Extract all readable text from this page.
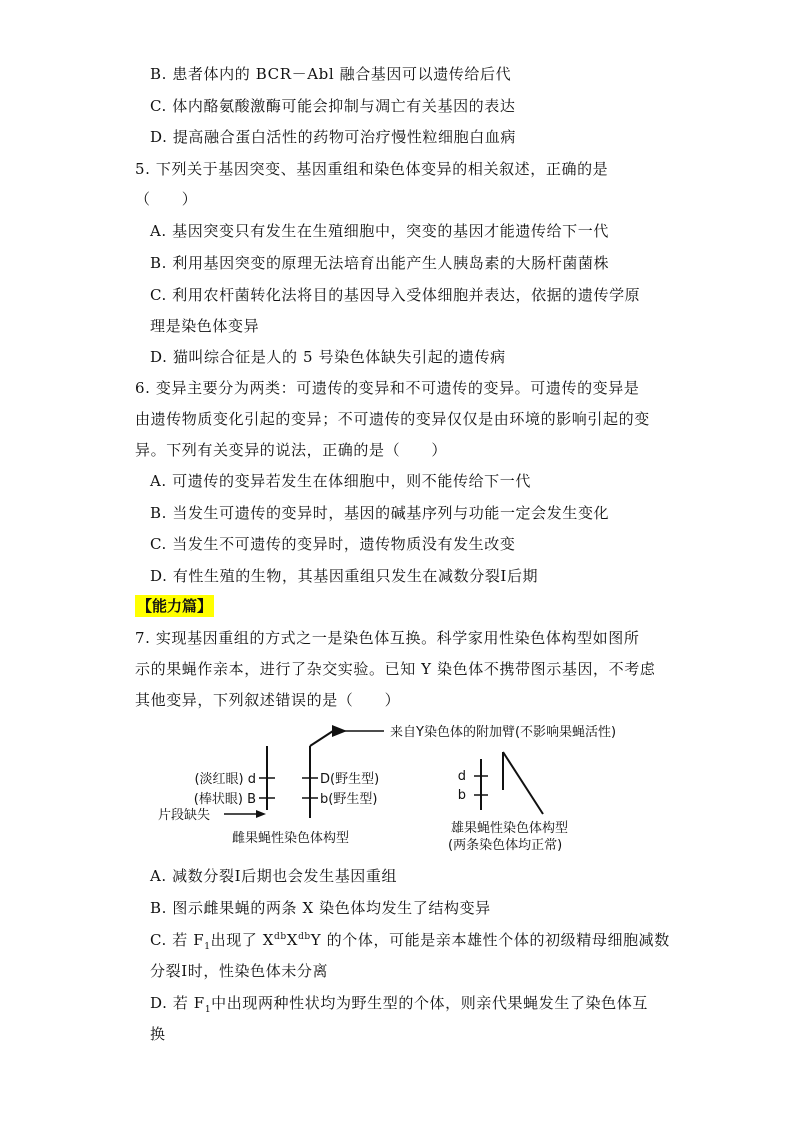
B. 患者体内的 BCR－Abl 融合基因可以遗传给后代
C. 体内酪氨酸激酶可能会抑制与凋亡有关基因的表达
D. 提高融合蛋白活性的药物可治疗慢性粒细胞白血病
5. 下列关于基因突变、基因重组和染色体变异的相关叙述，正确的是
（　　）
A. 基因突变只有发生在生殖细胞中，突变的基因才能遗传给下一代
B. 利用基因突变的原理无法培育出能产生人胰岛素的大肠杆菌菌株
C. 利用农杆菌转化法将目的基因导入受体细胞并表达，依据的遗传学原
理是染色体变异
D. 猫叫综合征是人的 5 号染色体缺失引起的遗传病
6. 变异主要分为两类：可遗传的变异和不可遗传的变异。可遗传的变异是
由遗传物质变化引起的变异；不可遗传的变异仅仅是由环境的影响引起的变
异。下列有关变异的说法，正确的是（　　）
A. 可遗传的变异若发生在体细胞中，则不能传给下一代
B. 当发生可遗传的变异时，基因的碱基序列与功能一定会发生变化
C. 当发生不可遗传的变异时，遗传物质没有发生改变
D. 有性生殖的生物，其基因重组只发生在减数分裂Ⅰ后期
【能力篇】
7. 实现基因重组的方式之一是染色体互换。科学家用性染色体构型如图所
示的果蝇作亲本，进行了杂交实验。已知 Y 染色体不携带图示基因，不考虑
其他变异，下列叙述错误的是（　　）
(淡红眼) d
(棒状眼) B
D(野生型)
b(野生型)
来自Y染色体的附加臂(不影响果蝇活性)
片段缺失
雌果蝇性染色体构型
d
b
雄果蝇性染色体构型
(两条染色体均正常)
A. 减数分裂Ⅰ后期也会发生基因重组
B. 图示雌果蝇的两条 X 染色体均发生了结构变异
C. 若 $F_1$出现了 $X^{db}X^{db}Y$ 的个体，可能是亲本雄性个体的初级精母细胞减数
分裂Ⅰ时，性染色体未分离
D. 若 $F_1$中出现两种性状均为野生型的个体，则亲代果蝇发生了染色体互
换
